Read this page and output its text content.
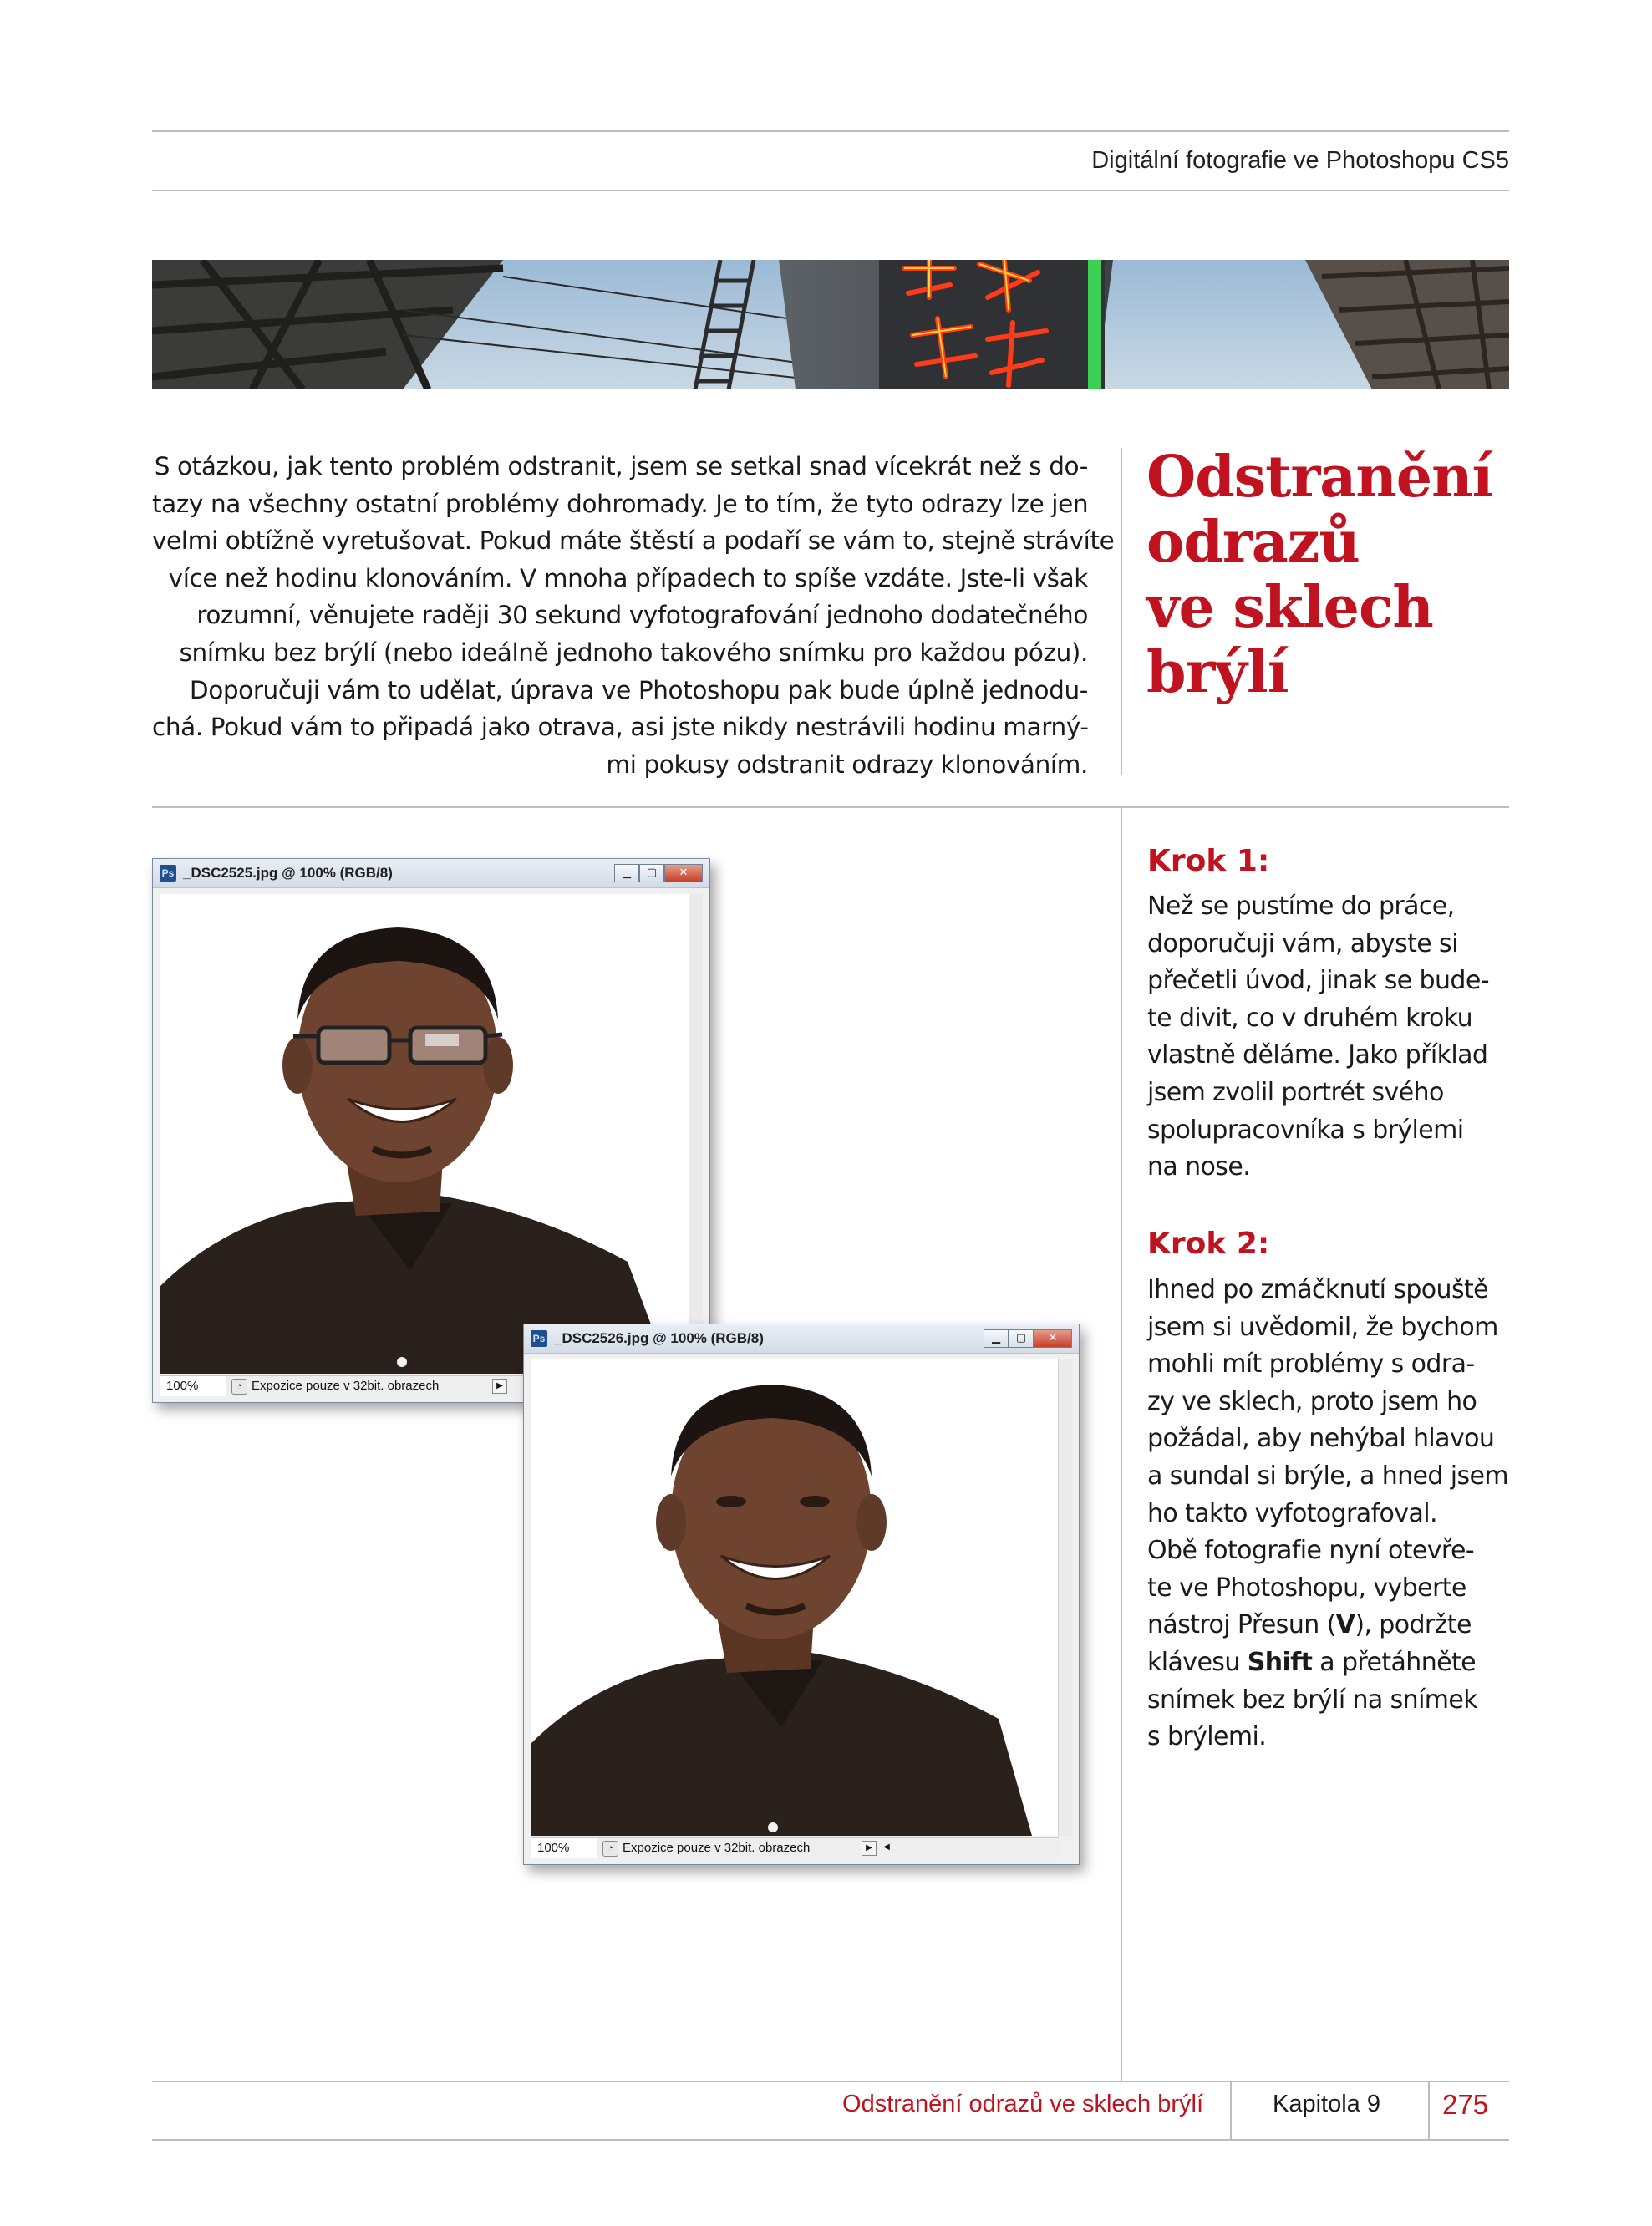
Digitální fotografie ve Photoshopu CS5
S otázkou, jak tento problém odstranit, jsem se setkal snad vícekrát než s do-
tazy na všechny ostatní problémy dohromady. Je to tím, že tyto odrazy lze jen
velmi obtížně vyretušovat. Pokud máte štěstí a podaří se vám to, stejně strávíte
více než hodinu klonováním. V mnoha případech to spíše vzdáte. Jste-li však
rozumní, věnujete raději 30 sekund vyfotografování jednoho dodatečného
snímku bez brýlí (nebo ideálně jednoho takového snímku pro každou pózu).
Doporučuji vám to udělat, úprava ve Photoshopu pak bude úplně jednodu-
chá. Pokud vám to připadá jako otrava, asi jste nikdy nestrávili hodinu marný-
mi pokusy odstranit odrazy klonováním.
Odstranění
odrazů
ve sklech
brýlí
Krok 1:
Než se pustíme do práce,
doporučuji vám, abyste si
přečetli úvod, jinak se bude-
te divit, co v druhém kroku
vlastně děláme. Jako příklad
jsem zvolil portrét svého
spolupracovníka s brýlemi
na nose.
Krok 2:
Ihned po zmáčknutí spouště
jsem si uvědomil, že bychom
mohli mít problémy s odra-
zy ve sklech, proto jsem ho
požádal, aby nehýbal hlavou
a sundal si brýle, a hned jsem
ho takto vyfotografoval.
Obě fotografie nyní otevře-
te ve Photoshopu, vyberte
nástroj Přesun (V), podržte
klávesu Shift a přetáhněte
snímek bez brýlí na snímek
s brýlemi.
Ps _DSC2525.jpg @ 100% (RGB/8)	▁	▢	✕
100%	◔ Expozice pouze v 32bit. obrazech	▶
Ps _DSC2526.jpg @ 100% (RGB/8)	▁	▢	✕
100%	◔ Expozice pouze v 32bit. obrazech	▶	◀
Odstranění odrazů ve sklech brýlí	Kapitola 9 275
